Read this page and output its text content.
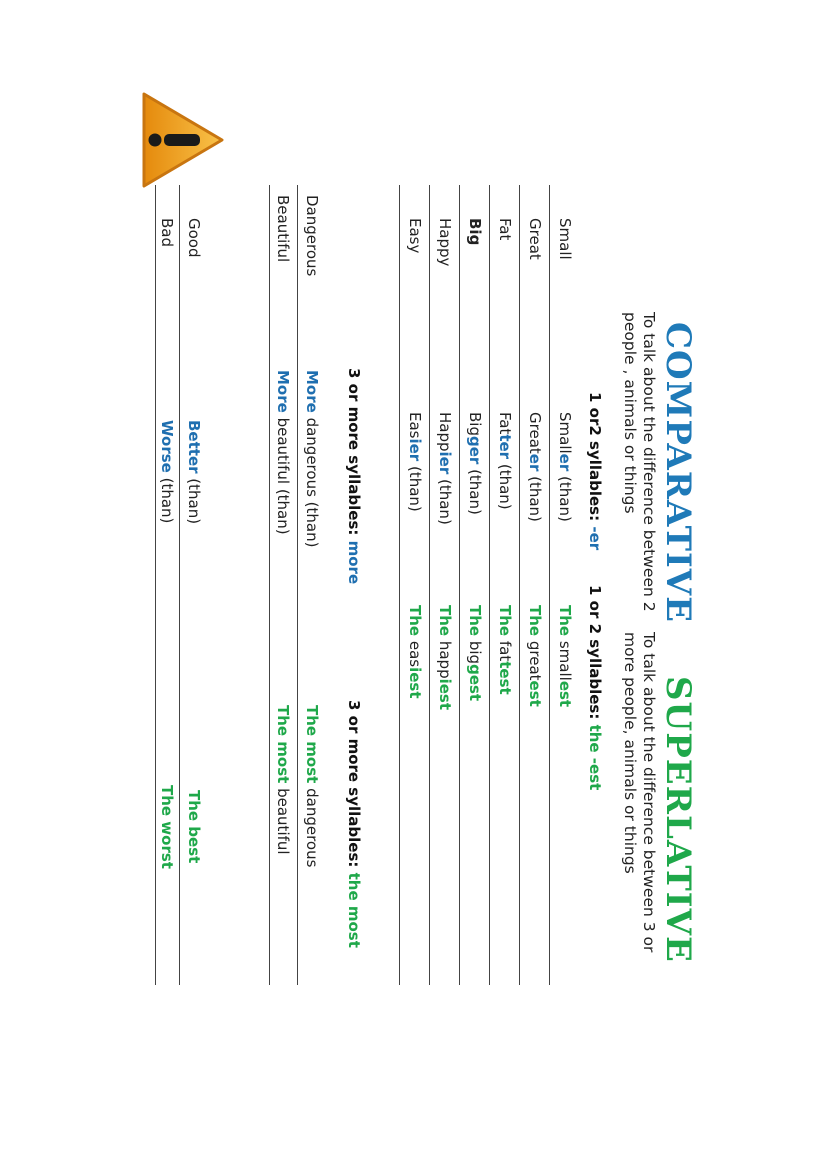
COMPARATIVE
SUPERLATIVE
To talk about the difference between 2 people , animals or things
To talk about the difference between 3 or more people, animals or things
1 or2 syllables: -er
1 or 2 syllables: the -est
Small
Smaller (than)
The smallest
Great
Greater (than)
The greatest
Fat
Fatter (than)
The fattest
Big
Bigger (than)
The biggest
Happy
Happier (than)
The happiest
Easy
Easier (than)
The easiest
3 or more syllables: more
3 or more syllables: the most
Dangerous
More dangerous (than)
The most dangerous
Beautiful
More beautiful (than)
The most beautiful
Good
Better (than)
The best
Bad
Worse (than)
The worst
